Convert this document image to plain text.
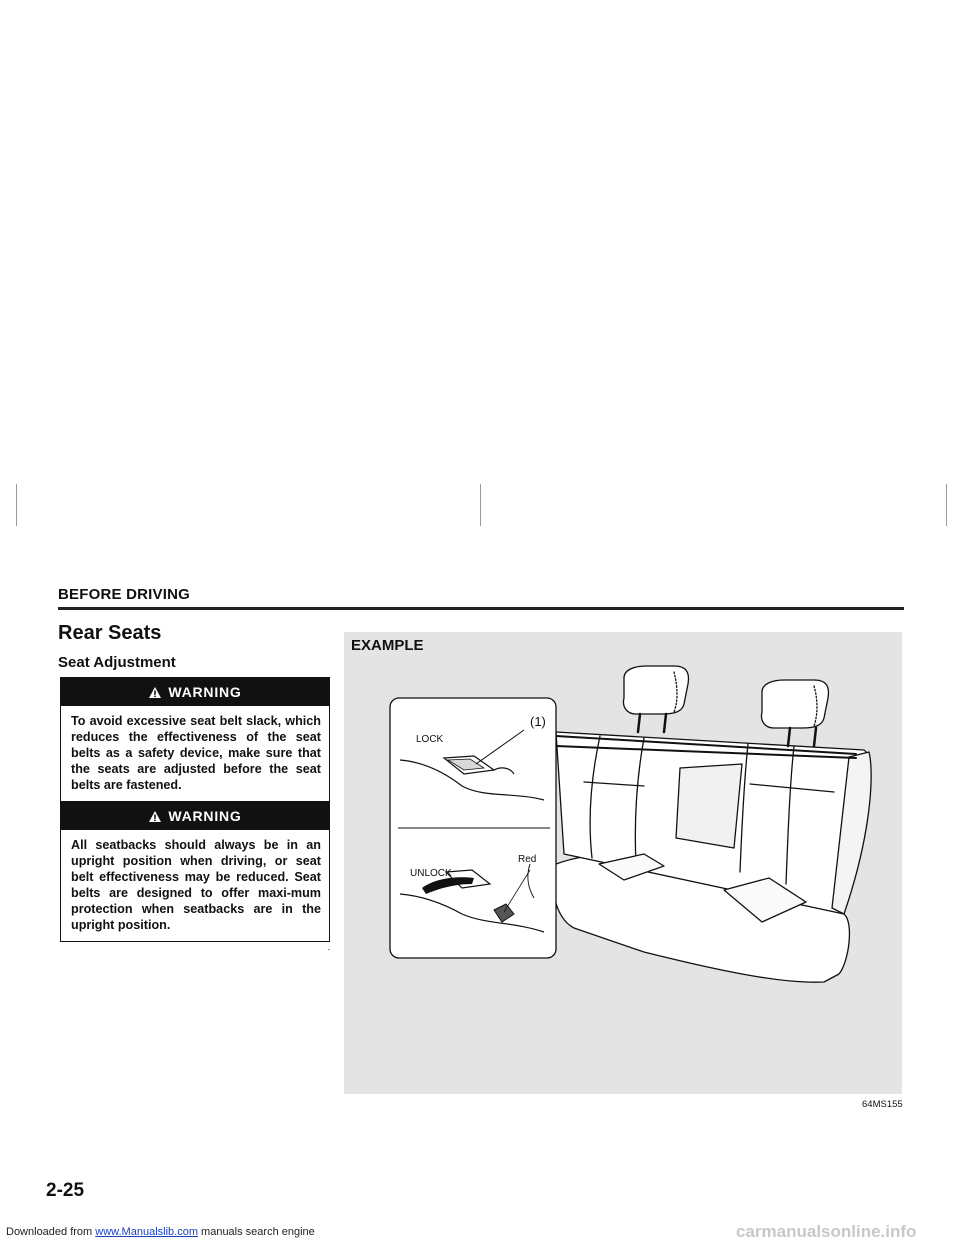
BEFORE DRIVING
Rear Seats
Seat Adjustment
WARNING
To avoid excessive seat belt slack, which reduces the effectiveness of the seat belts as a safety device, make sure that the seats are adjusted before the seat belts are fastened.
WARNING
All seatbacks should always be in an upright position when driving, or seat belt effectiveness may be reduced. Seat belts are designed to offer maxi-mum protection when seatbacks are in the upright position.
EXAMPLE
(1)
LOCK
UNLOCK
Red
64MS155
2-25
Downloaded from www.Manualslib.com manuals search engine	carmanualsonline.info
